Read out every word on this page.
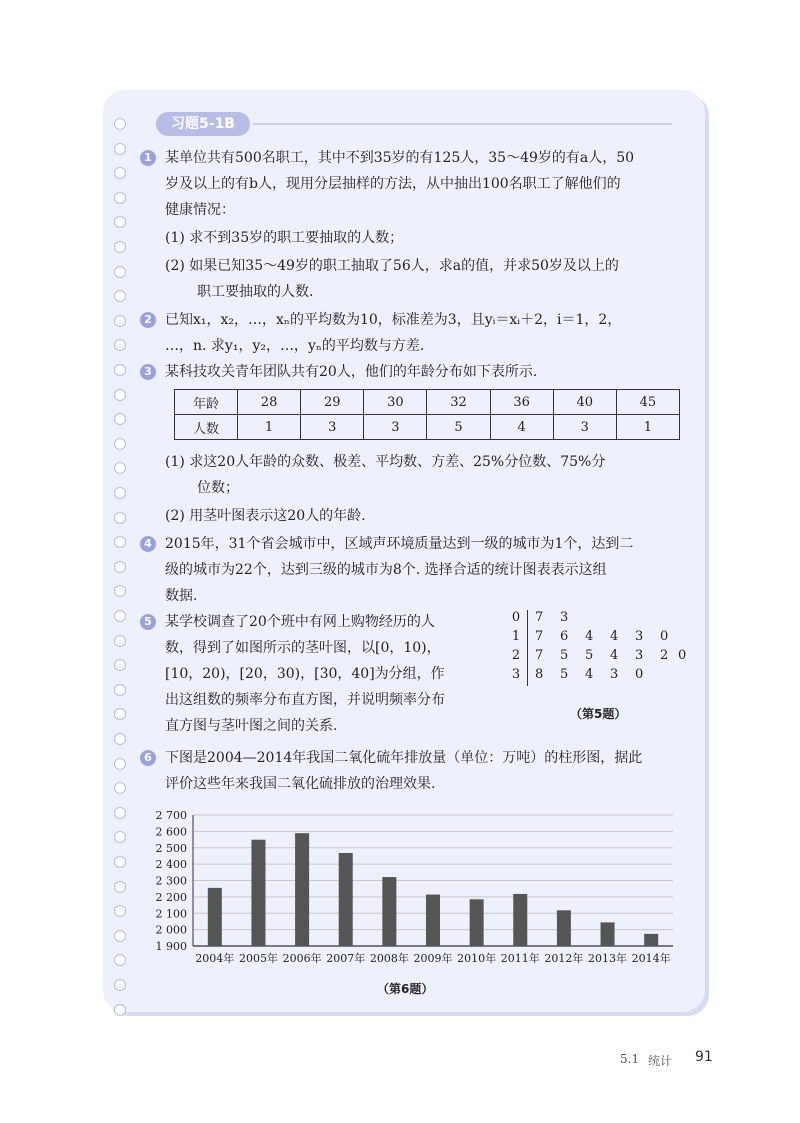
习题5-1B
1 某单位共有500名职工，其中不到35岁的有125人，35～49岁的有a人，50
岁及以上的有b人，现用分层抽样的方法，从中抽出100名职工了解他们的
健康情况：
(1) 求不到35岁的职工要抽取的人数；
(2) 如果已知35～49岁的职工抽取了56人，求a的值，并求50岁及以上的
职工要抽取的人数.
2 已知x₁，x₂，…，xₙ的平均数为10，标准差为3，且yᵢ＝xᵢ＋2，i＝1，2，
…，n. 求y₁，y₂，…，yₙ的平均数与方差.
3 某科技攻关青年团队共有20人，他们的年龄分布如下表所示.
年龄	28	29	30	32	36	40	45
人数	1	3	3	5	4	3	1
(1) 求这20人年龄的众数、极差、平均数、方差、25%分位数、75%分
位数；
(2) 用茎叶图表示这20人的年龄.
4 2015年，31个省会城市中，区域声环境质量达到一级的城市为1个，达到二
级的城市为22个，达到三级的城市为8个. 选择合适的统计图表表示这组
数据.
5 某学校调查了20个班中有网上购物经历的人
数，得到了如图所示的茎叶图，以[0，10)，
[10，20)，[20，30)，[30，40]为分组，作
出这组数的频率分布直方图，并说明频率分布
直方图与茎叶图之间的关系.
0 7 3
1 7 6 4 4 3 0
2 7 5 5 4 3 2 0
3 8 5 4 3 0
（第5题）
6 下图是2004—2014年我国二氧化硫年排放量（单位：万吨）的柱形图，据此
评价这些年来我国二氧化硫排放的治理效果.
1 900
2 000
2 100
2 200
2 300
2 400
2 500
2 600
2 700
2004年 2005年 2006年 2007年 2008年 2009年 2010年 2011年 2012年 2013年 2014年
（第6题）
5.1 统计 91
